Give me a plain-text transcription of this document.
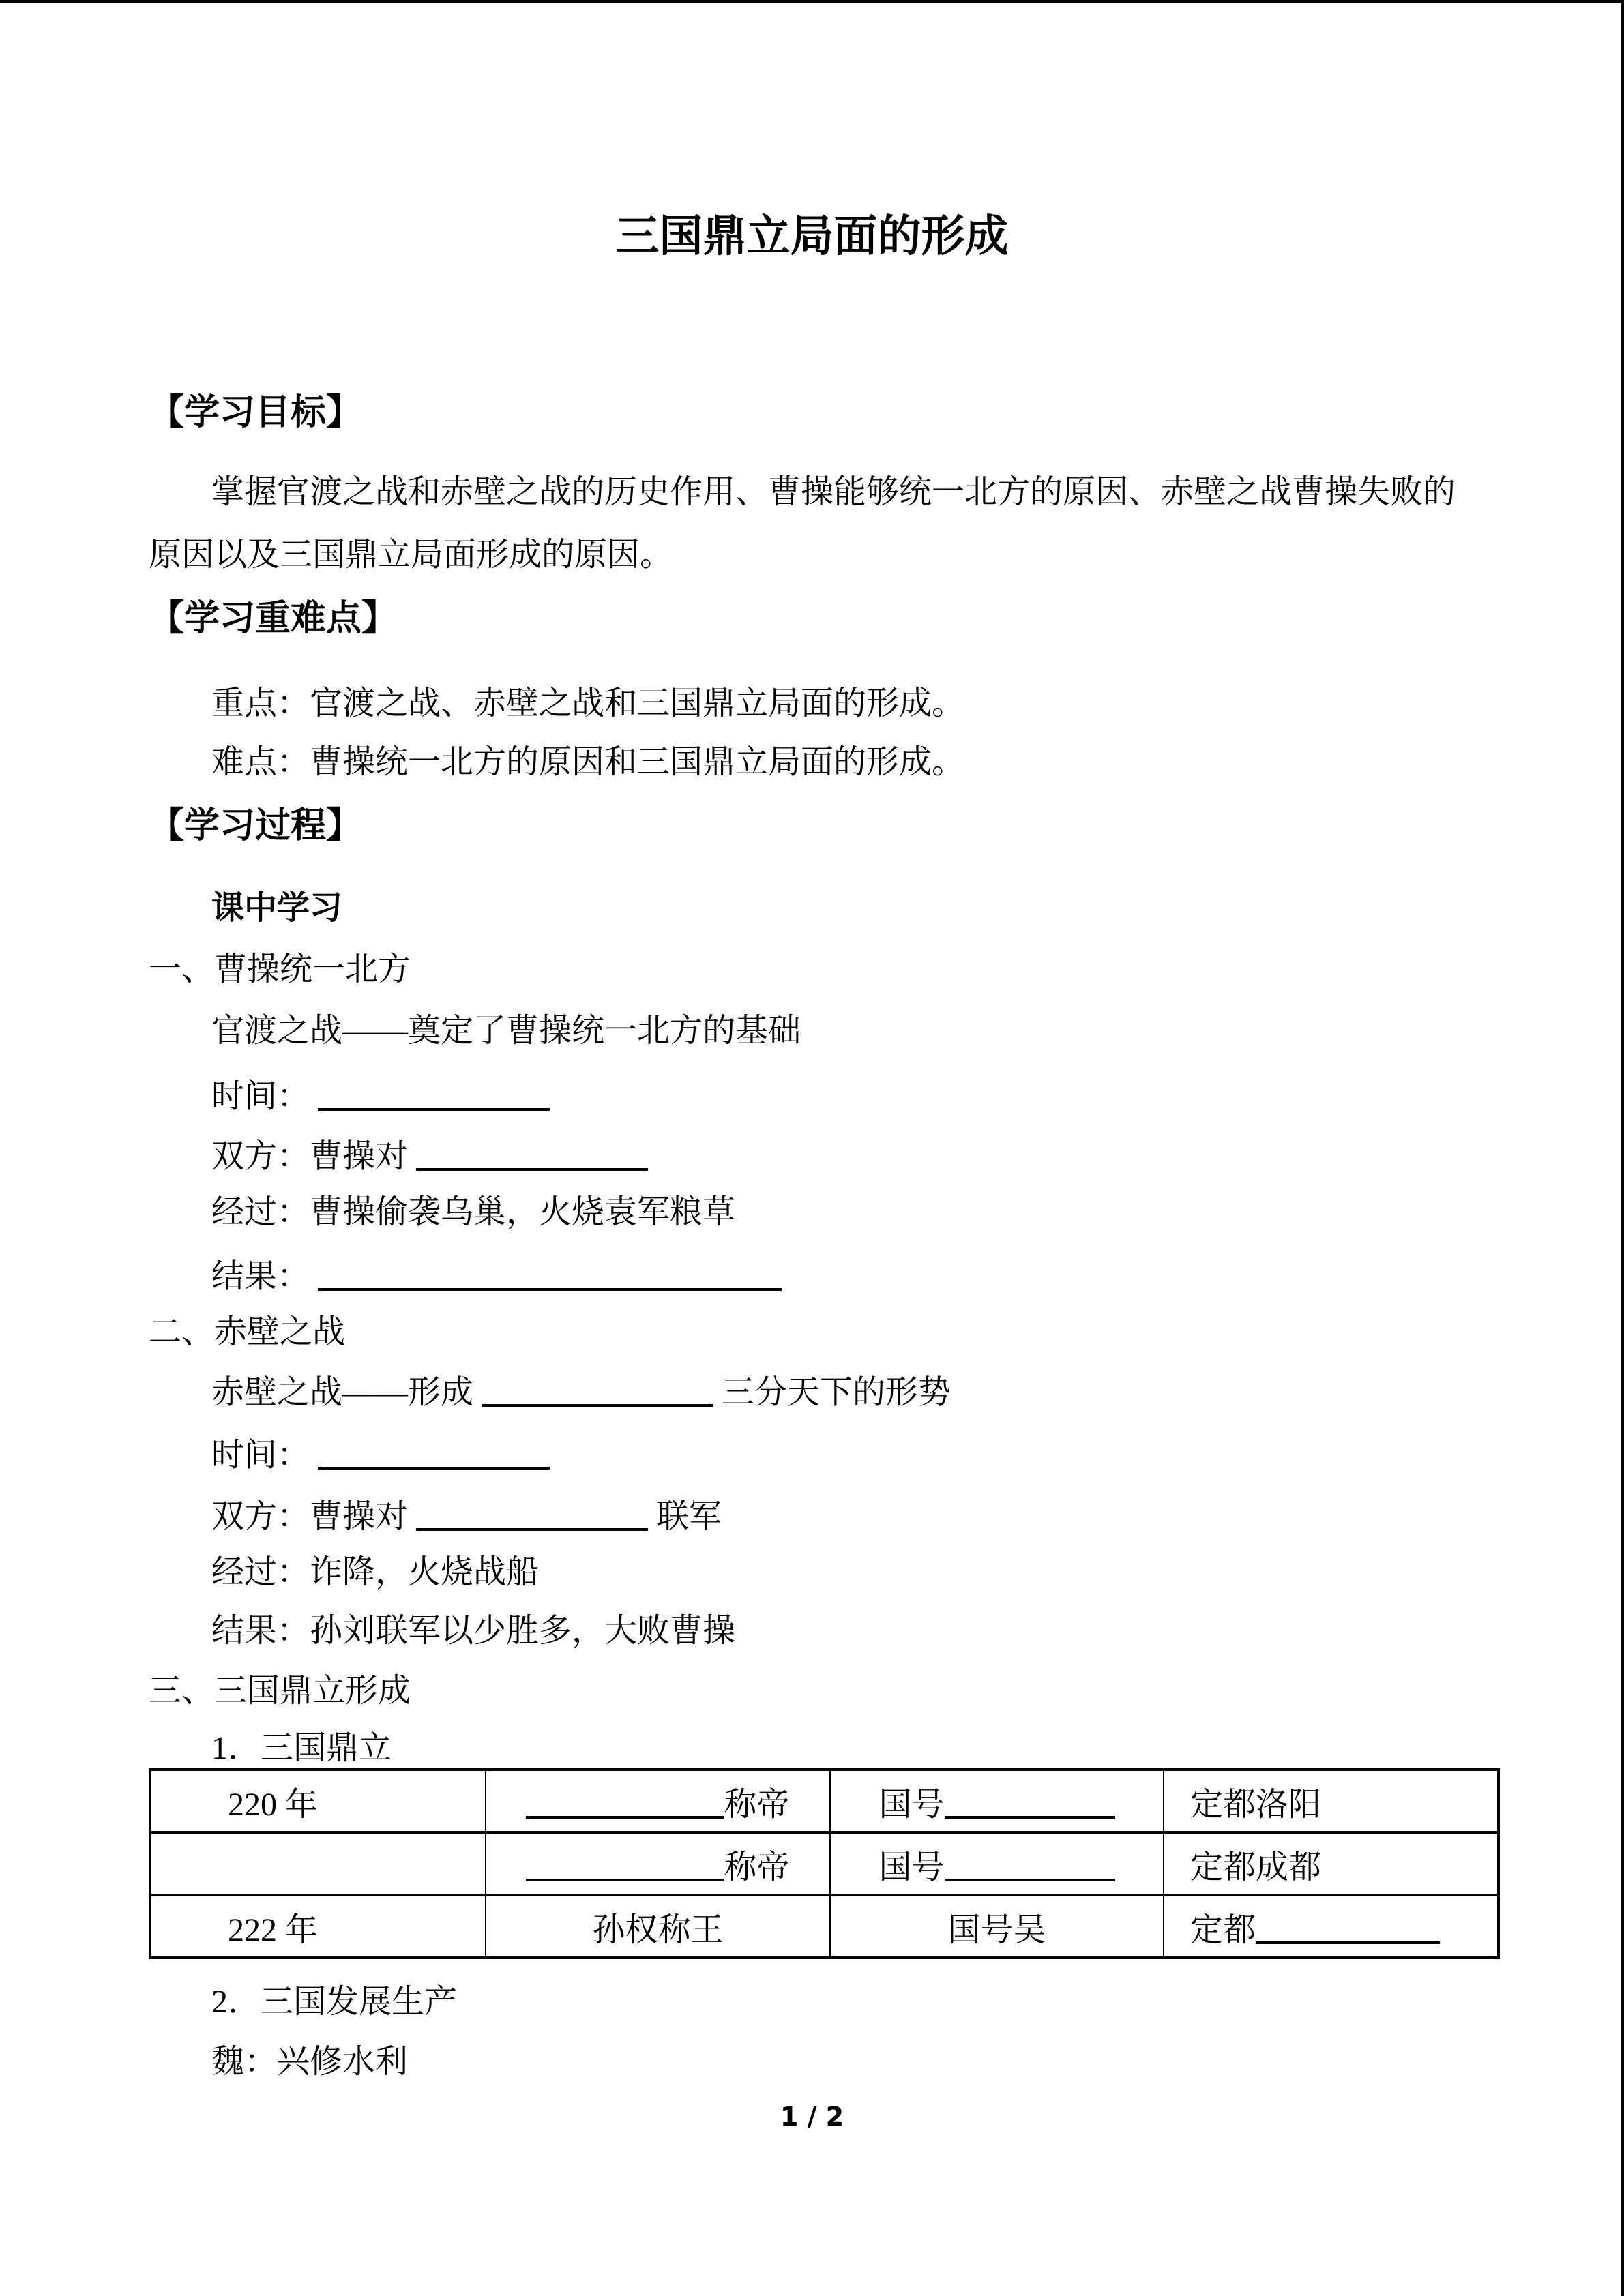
三国鼎立局面的形成
【学习目标】
掌握官渡之战和赤壁之战的历史作用、曹操能够统一北方的原因、赤壁之战曹操失败的
原因以及三国鼎立局面形成的原因。
【学习重难点】
重点：官渡之战、赤壁之战和三国鼎立局面的形成。
难点：曹操统一北方的原因和三国鼎立局面的形成。
【学习过程】
课中学习
一、曹操统一北方
官渡之战——奠定了曹操统一北方的基础
时间：
双方：曹操对
经过：曹操偷袭乌巢，火烧袁军粮草
结果：
二、赤壁之战
赤壁之战——形成	三分天下的形势
时间：
双方：曹操对	联军
经过：诈降，火烧战船
结果：孙刘联军以少胜多，大败曹操
三、三国鼎立形成
1．三国鼎立
220 年	称帝	国号	定都洛阳
	称帝	国号	定都成都
222 年	孙权称王	国号吴	定都
2．三国发展生产
魏：兴修水利
1 / 2
